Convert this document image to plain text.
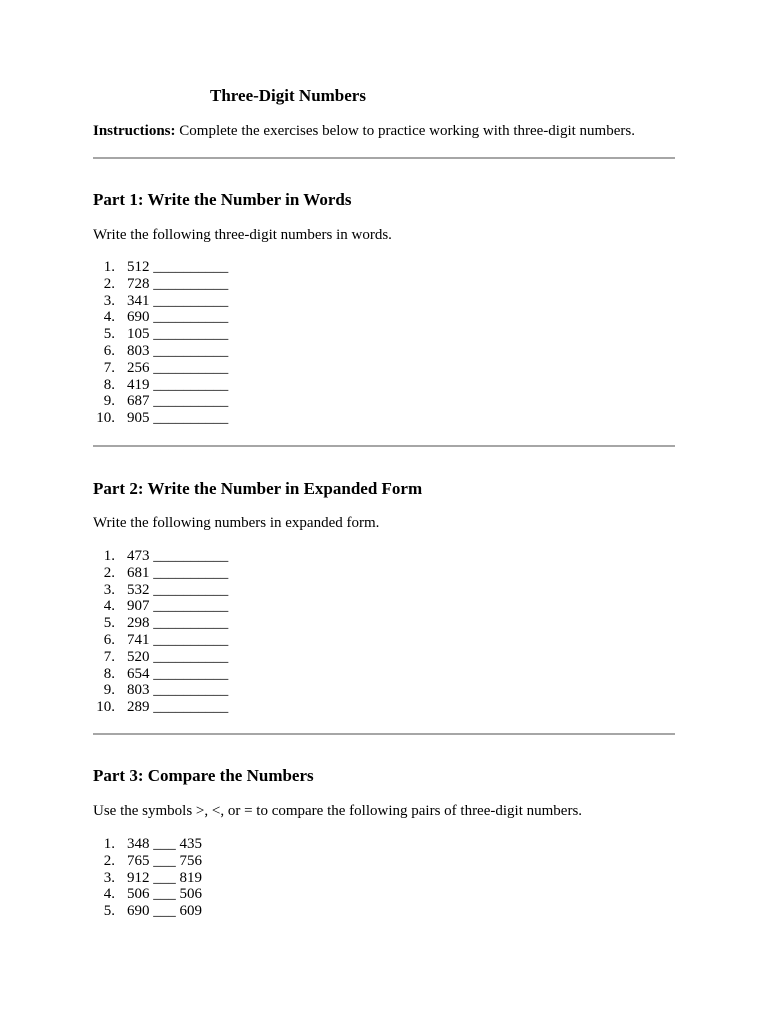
Three-Digit Numbers
Instructions: Complete the exercises below to practice working with three-digit numbers.
Part 1: Write the Number in Words
Write the following three-digit numbers in words.
1. 512 __________
2. 728 __________
3. 341 __________
4. 690 __________
5. 105 __________
6. 803 __________
7. 256 __________
8. 419 __________
9. 687 __________
10. 905 __________
Part 2: Write the Number in Expanded Form
Write the following numbers in expanded form.
1. 473 __________
2. 681 __________
3. 532 __________
4. 907 __________
5. 298 __________
6. 741 __________
7. 520 __________
8. 654 __________
9. 803 __________
10. 289 __________
Part 3: Compare the Numbers
Use the symbols >, <, or = to compare the following pairs of three-digit numbers.
1. 348 ___ 435
2. 765 ___ 756
3. 912 ___ 819
4. 506 ___ 506
5. 690 ___ 609
